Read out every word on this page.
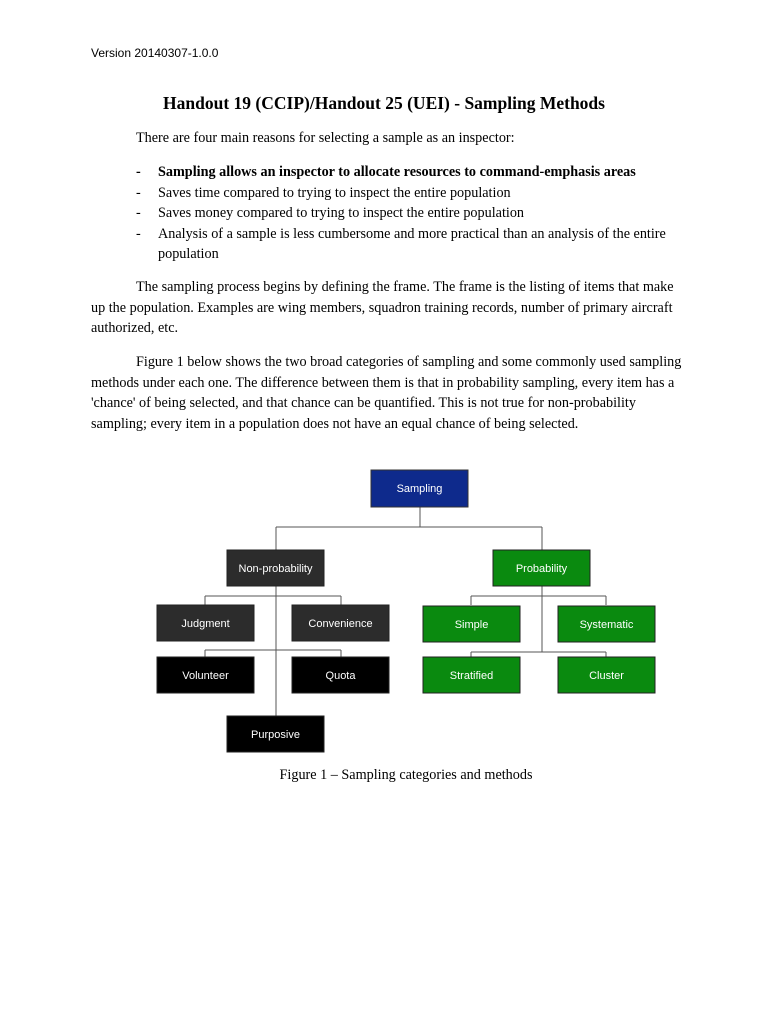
Version 20140307-1.0.0
Handout 19 (CCIP)/Handout 25 (UEI) - Sampling Methods

There are four main reasons for selecting a sample as an inspector:

- Sampling allows an inspector to allocate resources to command-emphasis areas
- Saves time compared to trying to inspect the entire population
- Saves money compared to trying to inspect the entire population
- Analysis of a sample is less cumbersome and more practical than an analysis of the entire population

The sampling process begins by defining the frame. The frame is the listing of items that make up the population. Examples are wing members, squadron training records, number of primary aircraft authorized, etc.

Figure 1 below shows the two broad categories of sampling and some commonly used sampling methods under each one. The difference between them is that in probability sampling, every item has a 'chance' of being selected, and that chance can be quantified. This is not true for non-probability sampling; every item in a population does not have an equal chance of being selected.

Sampling
Non-probability	Probability
Judgment	Convenience
Volunteer	Quota
Purposive
Simple	Systematic
Stratified	Cluster
Figure 1 – Sampling categories and methods
